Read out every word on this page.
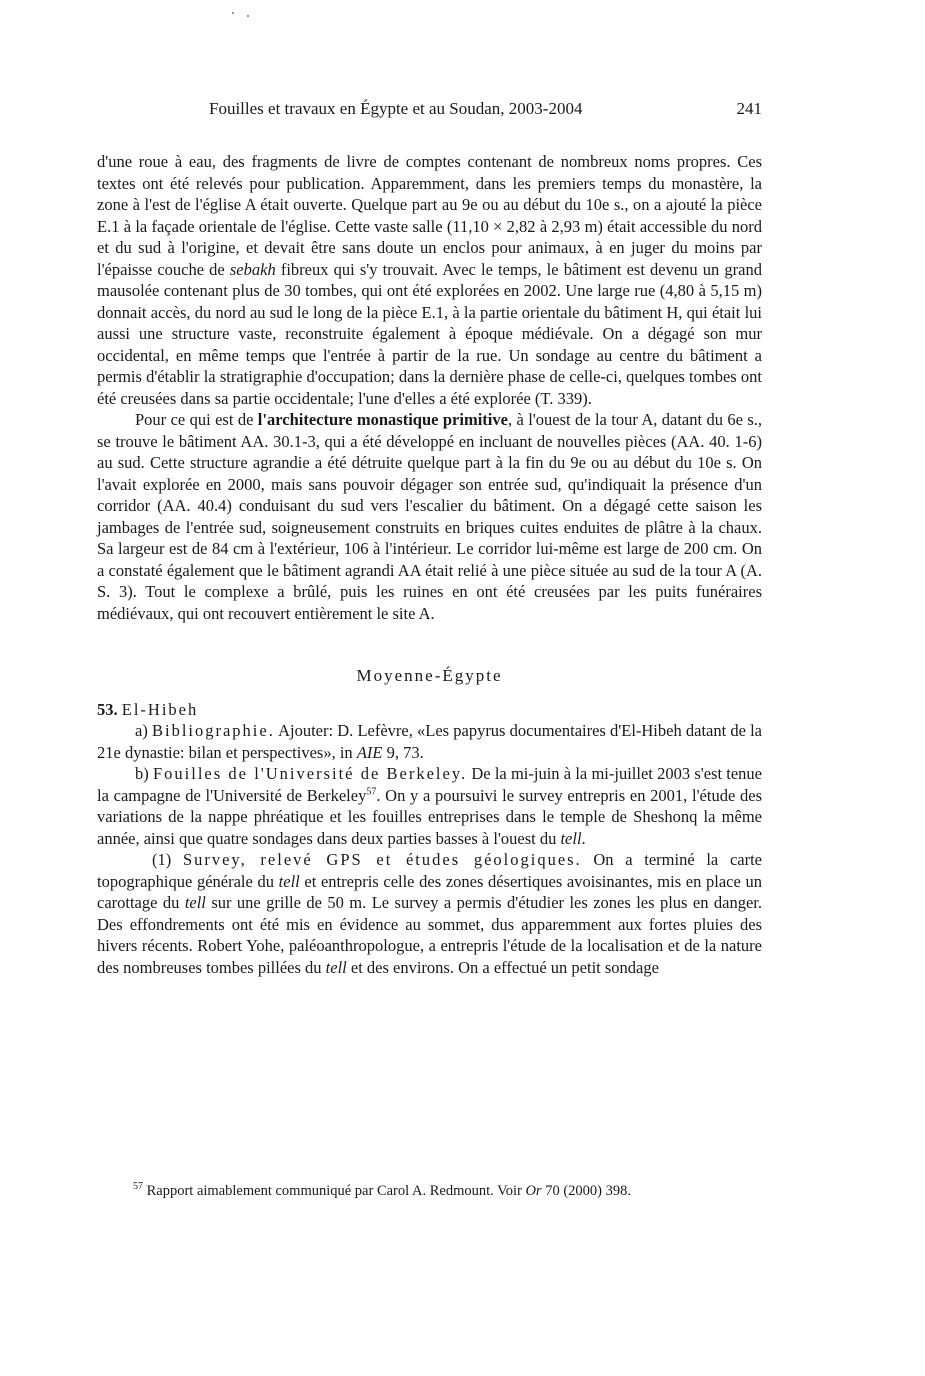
Fouilles et travaux en Égypte et au Soudan, 2003-2004	241

d'une roue à eau, des fragments de livre de comptes contenant de nombreux noms propres. Ces textes ont été relevés pour publication. Apparemment, dans les premiers temps du monastère, la zone à l'est de l'église A était ouverte. Quelque part au 9e ou au début du 10e s., on a ajouté la pièce E.1 à la façade orientale de l'église. Cette vaste salle (11,10 × 2,82 à 2,93 m) était accessible du nord et du sud à l'origine, et devait être sans doute un enclos pour animaux, à en juger du moins par l'épaisse couche de sebakh fibreux qui s'y trouvait. Avec le temps, le bâtiment est devenu un grand mausolée contenant plus de 30 tombes, qui ont été explorées en 2002. Une large rue (4,80 à 5,15 m) donnait accès, du nord au sud le long de la pièce E.1, à la partie orientale du bâtiment H, qui était lui aussi une structure vaste, reconstruite également à époque médiévale. On a dégagé son mur occidental, en même temps que l'entrée à partir de la rue. Un sondage au centre du bâtiment a permis d'établir la stratigraphie d'occupation; dans la dernière phase de celle-ci, quelques tombes ont été creusées dans sa partie occidentale; l'une d'elles a été explorée (T. 339).

Pour ce qui est de l'architecture monastique primitive, à l'ouest de la tour A, datant du 6e s., se trouve le bâtiment AA. 30.1-3, qui a été développé en incluant de nouvelles pièces (AA. 40. 1-6) au sud. Cette structure agrandie a été détruite quelque part à la fin du 9e ou au début du 10e s. On l'avait explorée en 2000, mais sans pouvoir dégager son entrée sud, qu'indiquait la présence d'un corridor (AA. 40.4) conduisant du sud vers l'escalier du bâtiment. On a dégagé cette saison les jambages de l'entrée sud, soigneusement construits en briques cuites enduites de plâtre à la chaux. Sa largeur est de 84 cm à l'extérieur, 106 à l'intérieur. Le corridor lui-même est large de 200 cm. On a constaté également que le bâtiment agrandi AA était relié à une pièce située au sud de la tour A (A. S. 3). Tout le complexe a brûlé, puis les ruines en ont été creusées par les puits funéraires médiévaux, qui ont recouvert entièrement le site A.

Moyenne-Égypte

53. El-Hibeh

a) Bibliographie. Ajouter: D. Lefèvre, «Les papyrus documentaires d'El-Hibeh datant de la 21e dynastie: bilan et perspectives», in AIE 9, 73.

b) Fouilles de l'Université de Berkeley. De la mi-juin à la mi-juillet 2003 s'est tenue la campagne de l'Université de Berkeley$^{57}$. On y a poursuivi le survey entrepris en 2001, l'étude des variations de la nappe phréatique et les fouilles entreprises dans le temple de Sheshonq la même année, ainsi que quatre sondages dans deux parties basses à l'ouest du tell.

(1) Survey, relevé GPS et études géologiques. On a terminé la carte topographique générale du tell et entrepris celle des zones désertiques avoisinantes, mis en place un carottage du tell sur une grille de 50 m. Le survey a permis d'étudier les zones les plus en danger. Des effondrements ont été mis en évidence au sommet, dus apparemment aux fortes pluies des hivers récents. Robert Yohe, paléoanthropologue, a entrepris l'étude de la localisation et de la nature des nombreuses tombes pillées du tell et des environs. On a effectué un petit sondage

$^{57}$ Rapport aimablement communiqué par Carol A. Redmount. Voir Or 70 (2000) 398.
